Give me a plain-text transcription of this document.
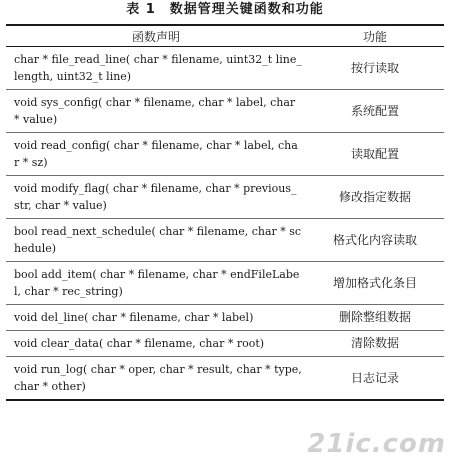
表 1 数据管理关键函数和功能
函数声明	功能
char * file_read_line( char * filename, uint32_t line_length, uint32_t line)	按行读取
void sys_config( char * filename, char * label, char * value)	系统配置
void read_config( char * filename, char * label, char * sz)	读取配置
void modify_flag( char * filename, char * previous_str, char * value)	修改指定数据
bool read_next_schedule( char * filename, char * schedule)	格式化内容读取
bool add_item( char * filename, char * endFileLabel, char * rec_string)	增加格式化条目
void del_line( char * filename, char * label)	删除整组数据
void clear_data( char * filename, char * root)	清除数据
void run_log( char * oper, char * result, char * type, char * other)	日志记录
21ic.com
